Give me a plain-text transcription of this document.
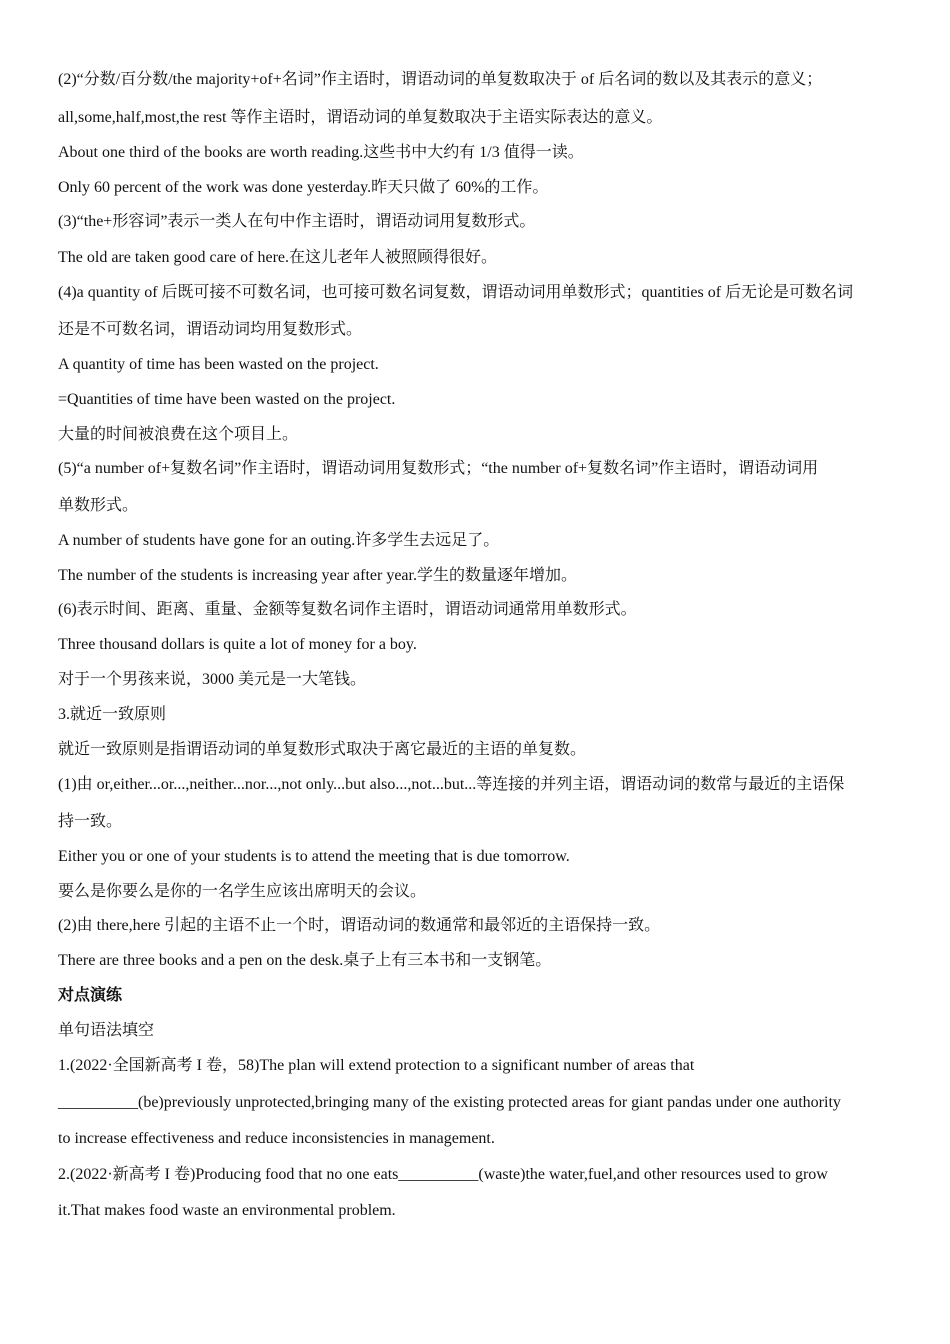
(2)“分数/百分数/the majority+of+名词”作主语时，谓语动词的单复数取决于 of 后名词的数以及其表示的意义；
all,some,half,most,the rest 等作主语时，谓语动词的单复数取决于主语实际表达的意义。
About one third of the books are worth reading.这些书中大约有 1/3 值得一读。
Only 60 percent of the work was done yesterday.昨天只做了 60%的工作。
(3)“the+形容词”表示一类人在句中作主语时，谓语动词用复数形式。
The old are taken good care of here.在这儿老年人被照顾得很好。
(4)a quantity of 后既可接不可数名词，也可接可数名词复数，谓语动词用单数形式；quantities of 后无论是可数名词
还是不可数名词，谓语动词均用复数形式。
A quantity of time has been wasted on the project.
=Quantities of time have been wasted on the project.
大量的时间被浪费在这个项目上。
(5)“a number of+复数名词”作主语时，谓语动词用复数形式；“the number of+复数名词”作主语时，谓语动词用
单数形式。
A number of students have gone for an outing.许多学生去远足了。
The number of the students is increasing year after year.学生的数量逐年增加。
(6)表示时间、距离、重量、金额等复数名词作主语时，谓语动词通常用单数形式。
Three thousand dollars is quite a lot of money for a boy.
对于一个男孩来说，3000 美元是一大笔钱。
3.就近一致原则
就近一致原则是指谓语动词的单复数形式取决于离它最近的主语的单复数。
(1)由 or,either...or...,neither...nor...,not only...but also...,not...but...等连接的并列主语，谓语动词的数常与最近的主语保
持一致。
Either you or one of your students is to attend the meeting that is due tomorrow.
要么是你要么是你的一名学生应该出席明天的会议。
(2)由 there,here 引起的主语不止一个时，谓语动词的数通常和最邻近的主语保持一致。
There are three books and a pen on the desk.桌子上有三本书和一支钢笔。
对点演练
单句语法填空
1.(2022·全国新高考 I 卷，58)The plan will extend protection to a significant number of areas that
__________(be)previously unprotected,bringing many of the existing protected areas for giant pandas under one authority
to increase effectiveness and reduce inconsistencies in management.
2.(2022·新高考 I 卷)Producing food that no one eats__________(waste)the water,fuel,and other resources used to grow
it.That makes food waste an environmental problem.
